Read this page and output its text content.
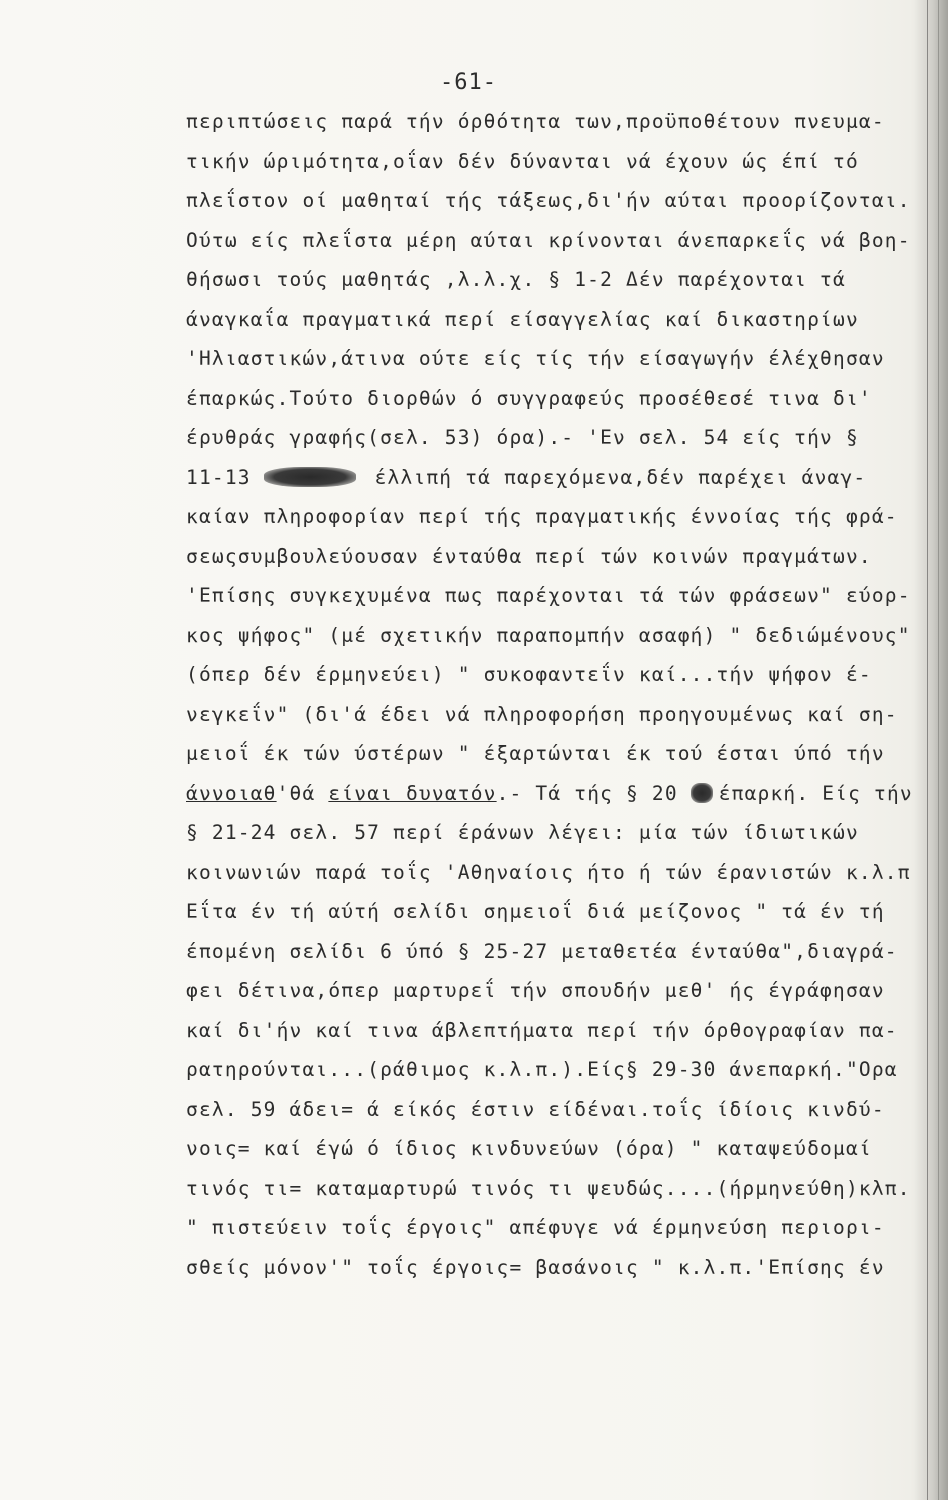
-61-
περιπτώσεις παρά τήν όρθότητα των,προϋποθέτουν πνευμα-
τικήν ώριμότητα,οΐαν δέν δύνανται νά έχουν ώς έπί τό
πλεΐστον οί μαθηταί τής τάξεως,δι'ήν αύται προορίζονται.
Ούτω είς πλεΐστα μέρη αύται κρίνονται άνεπαρκεΐς νά βοη-
θήσωσι τούς μαθητάς ,λ.λ.χ. § 1-2 Δέν παρέχονται τά
άναγκαΐα πραγματικά περί είσαγγελίας καί δικαστηρίων
'Ηλιαστικών,άτινα ούτε είς τίς τήν είσαγωγήν έλέχθησαν
έπαρκώς.Τούτο διορθών ό συγγραφεύς προσέθεσέ τινα δι'
έρυθράς γραφής(σελ. 53) όρα).- 'Εν σελ. 54 είς τήν §
11-13	έλλιπή τά παρεχόμενα,δέν παρέχει άναγ-
καίαν πληροφορίαν περί τής πραγματικής έννοίας τής φρά-
σεωςσυμβουλεύουσαν ένταύθα περί τών κοινών πραγμάτων.
'Επίσης συγκεχυμένα πως παρέχονται τά τών φράσεων" εύορ-
κος ψήφος" (μέ σχετικήν παραπομπήν ασαφή) " δεδιώμένους"
(όπερ δέν έρμηνεύει) " συκοφαντεΐν καί...τήν ψήφον έ-
νεγκεΐν" (δι'ά έδει νά πληροφορήση προηγουμένως καί ση-
μειοΐ έκ τών ύστέρων " έξαρτώνται έκ τού έσται ύπό τήν
άννοιαθ'θά είναι δυνατόν.- Τά τής § 20 έπαρκή. Είς τήν
§ 21-24 σελ. 57 περί έράνων λέγει: μία τών ίδιωτικών
κοινωνιών παρά τοΐς 'Αθηναίοις ήτο ή τών έρανιστών κ.λ.π
Εΐτα έν τή αύτή σελίδι σημειοΐ διά μείζονος " τά έν τή
έπομένη σελίδι 6 ύπό § 25-27 μεταθετέα ένταύθα",διαγρά-
φει δέτινα,όπερ μαρτυρεΐ τήν σπουδήν μεθ' ής έγράφησαν
καί δι'ήν καί τινα άβλεπτήματα περί τήν όρθογραφίαν πα-
ρατηρούνται...(ράθιμος κ.λ.π.).Είς§ 29-30 άνεπαρκή."Ορα
σελ. 59 άδει= ά είκός έστιν είδέναι.τοΐς ίδίοις κινδύ-
νοις= καί έγώ ό ίδιος κινδυνεύων (όρα) " καταψεύδομαί
τινός τι= καταμαρτυρώ τινός τι ψευδώς....(ήρμηνεύθη)κλπ.
" πιστεύειν τοΐς έργοις" απέφυγε νά έρμηνεύση περιορι-
σθείς μόνον'" τοΐς έργοις= βασάνοις " κ.λ.π.'Επίσης έν
